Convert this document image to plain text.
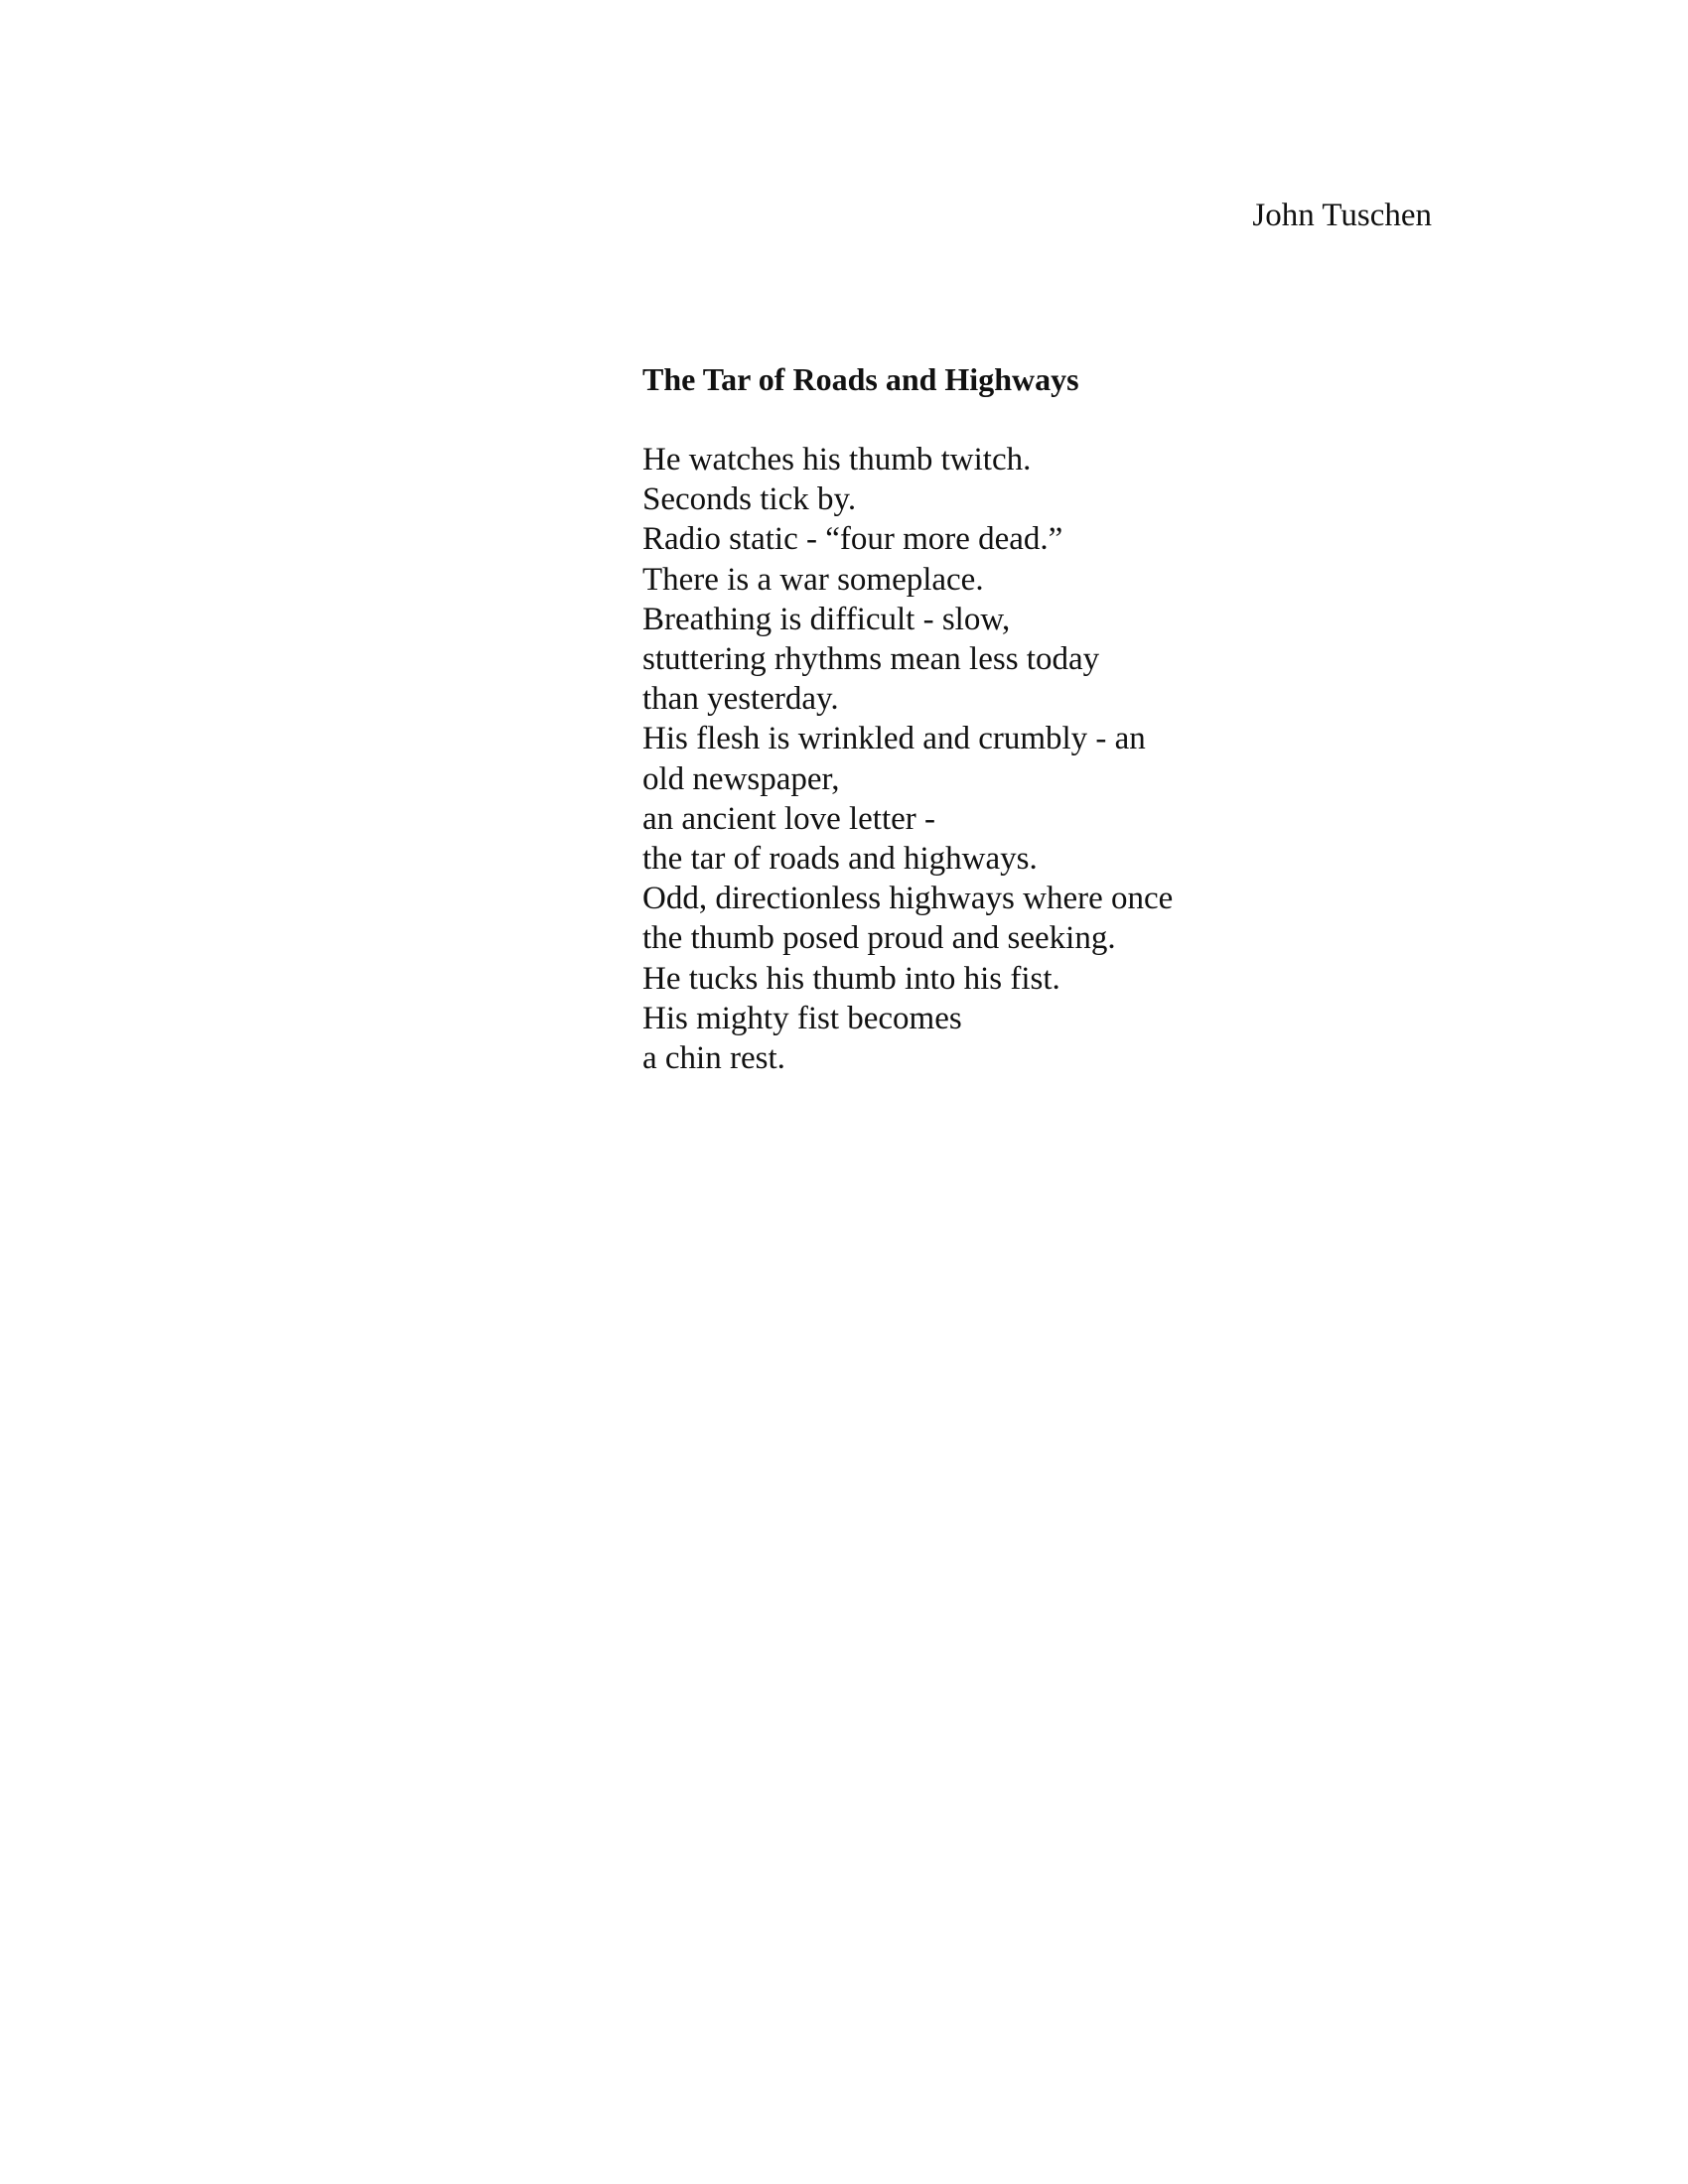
John Tuschen
The Tar of Roads and Highways
He watches his thumb twitch.
Seconds tick by.
Radio static - “four more dead.”
There is a war someplace.
Breathing is difficult - slow,
stuttering rhythms mean less today
than yesterday.
His flesh is wrinkled and crumbly - an
old newspaper,
an ancient love letter -
the tar of roads and highways.
Odd, directionless highways where once
the thumb posed proud and seeking.
He tucks his thumb into his fist.
His mighty fist becomes
a chin rest.
